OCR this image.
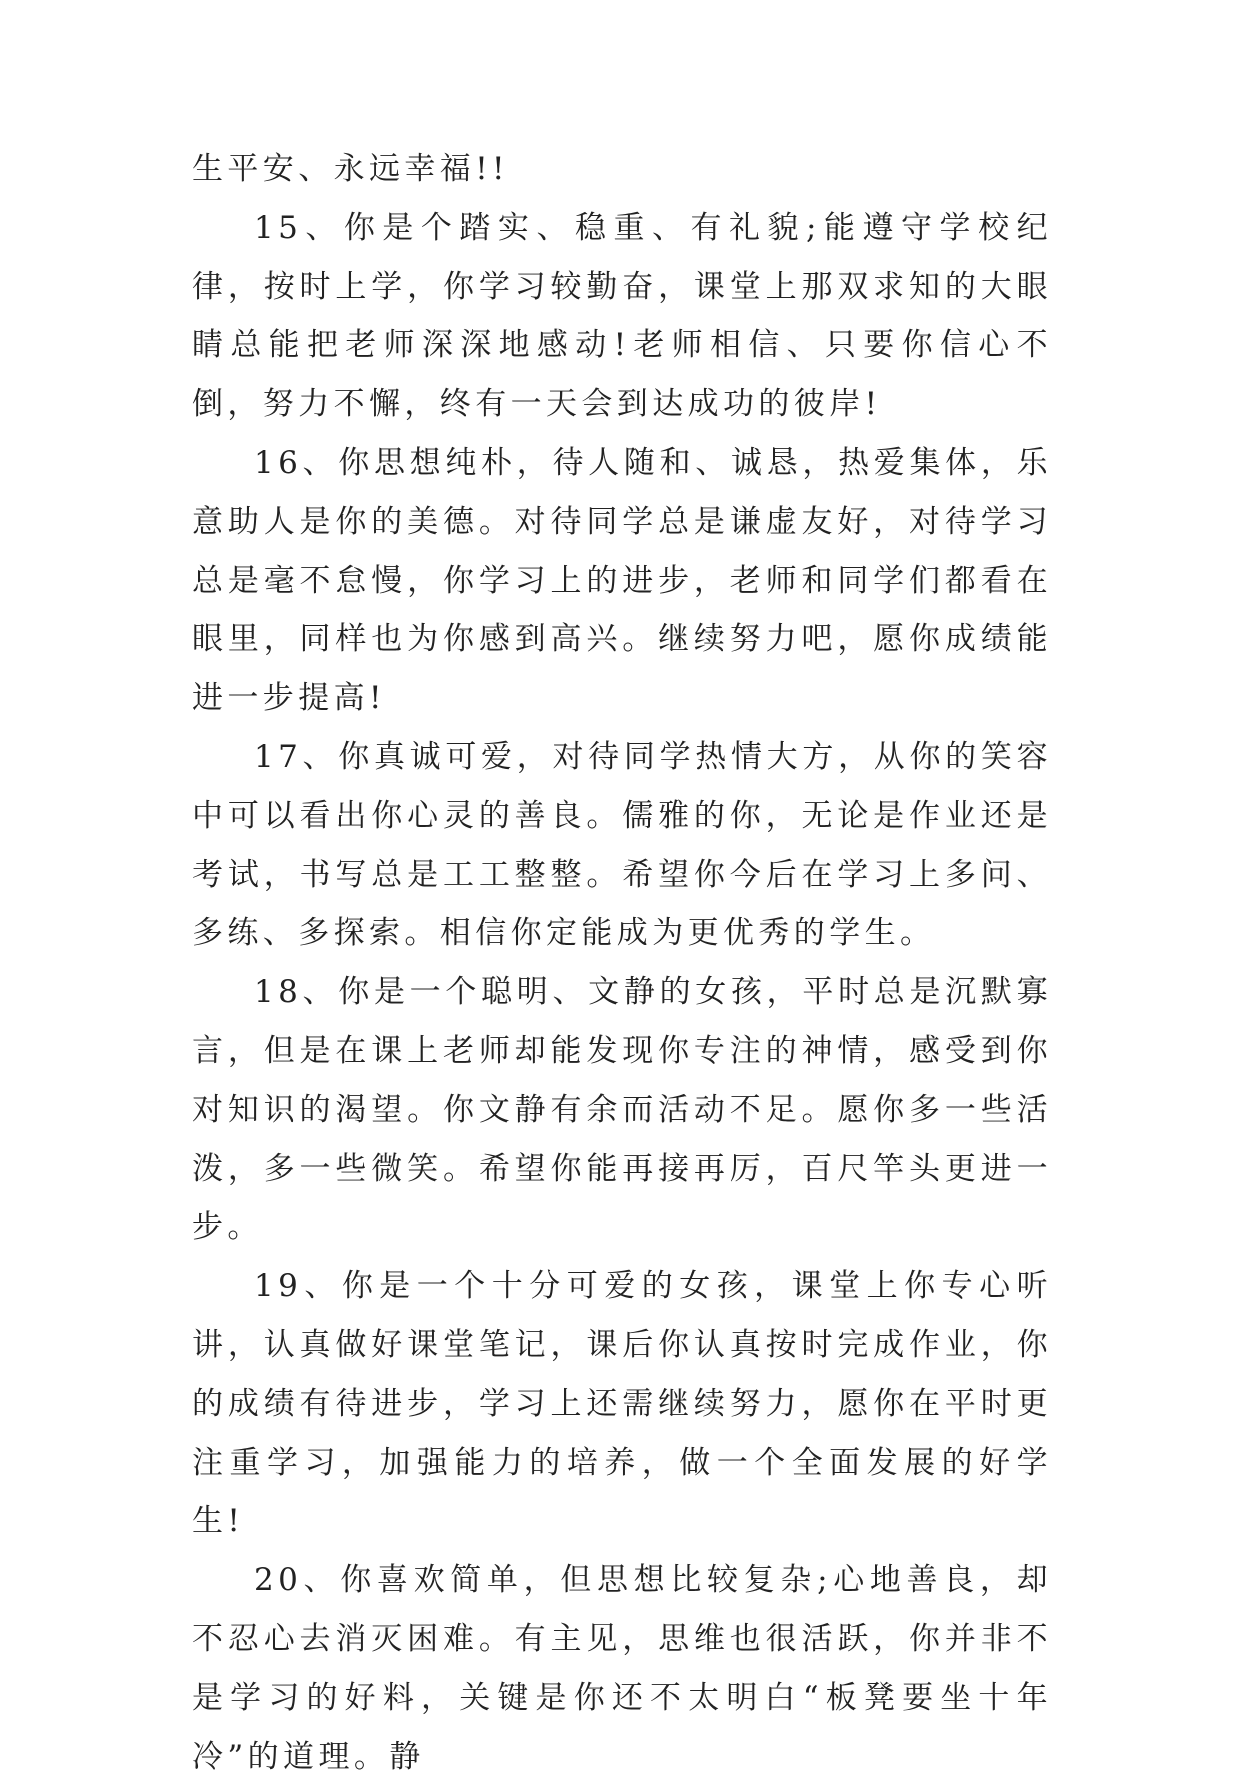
生平安、永远幸福!!

15、你是个踏实、稳重、有礼貌;能遵守学校纪律，按时上学，你学习较勤奋，课堂上那双求知的大眼睛总能把老师深深地感动!老师相信、只要你信心不倒，努力不懈，终有一天会到达成功的彼岸!

16、你思想纯朴，待人随和、诚恳，热爱集体，乐意助人是你的美德。对待同学总是谦虚友好，对待学习总是毫不怠慢，你学习上的进步，老师和同学们都看在眼里，同样也为你感到高兴。继续努力吧，愿你成绩能进一步提高!

17、你真诚可爱，对待同学热情大方，从你的笑容中可以看出你心灵的善良。儒雅的你，无论是作业还是考试，书写总是工工整整。希望你今后在学习上多问、多练、多探索。相信你定能成为更优秀的学生。

18、你是一个聪明、文静的女孩，平时总是沉默寡言，但是在课上老师却能发现你专注的神情，感受到你对知识的渴望。你文静有余而活动不足。愿你多一些活泼，多一些微笑。希望你能再接再厉，百尺竿头更进一步。

19、你是一个十分可爱的女孩，课堂上你专心听讲，认真做好课堂笔记，课后你认真按时完成作业，你的成绩有待进步，学习上还需继续努力，愿你在平时更注重学习，加强能力的培养，做一个全面发展的好学生!

20、你喜欢简单，但思想比较复杂;心地善良，却不忍心去消灭困难。有主见，思维也很活跃，你并非不是学习的好料，关键是你还不太明白“板凳要坐十年冷”的道理。静
